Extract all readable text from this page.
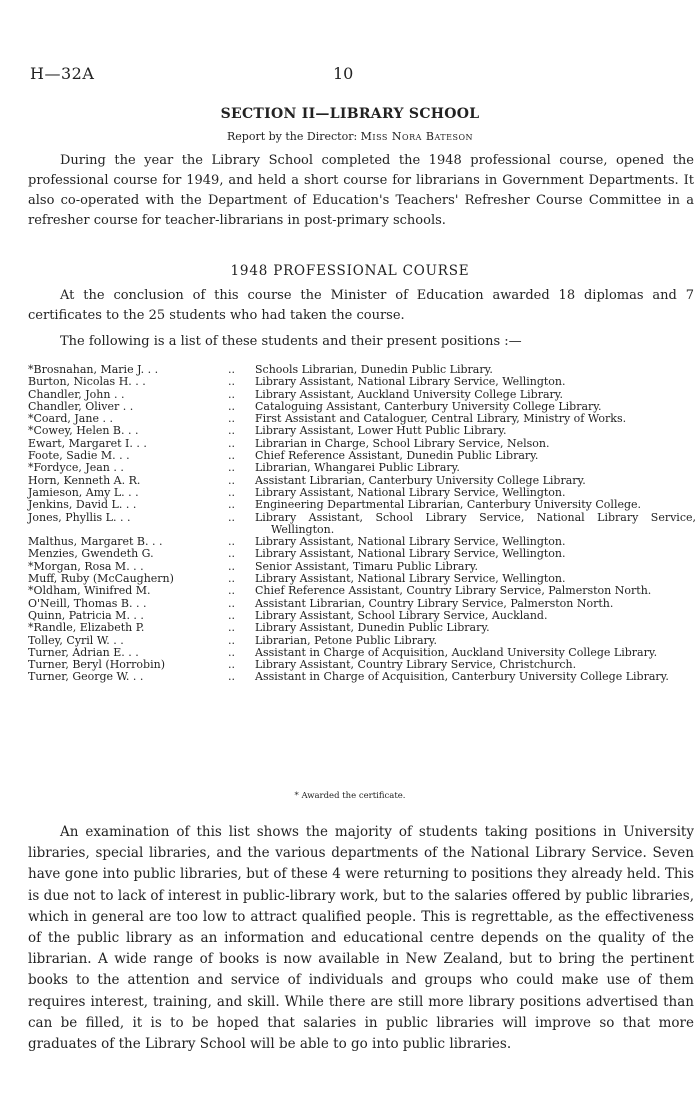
H—32A	10
SECTION II—LIBRARY SCHOOL
Report by the Director: Miss Nora Bateson

During the year the Library School completed the 1948 professional course, opened the professional course for 1949, and held a short course for librarians in Government Departments. It also co-operated with the Department of Education's Teachers' Refresher Course Committee in a refresher course for teacher-librarians in post-primary schools.

1948 PROFESSIONAL COURSE

At the conclusion of this course the Minister of Education awarded 18 diplomas and 7 certificates to the 25 students who had taken the course.

The following is a list of these students and their present positions :—

*Brosnahan, Marie J. . .	..	Schools Librarian, Dunedin Public Library.
Burton, Nicolas H. . .	..	Library Assistant, National Library Service, Wellington.
Chandler, John . .	..	Library Assistant, Auckland University College Library.
Chandler, Oliver . .	..	Cataloguing Assistant, Canterbury University College Library.
*Coard, Jane . .	..	First Assistant and Cataloguer, Central Library, Ministry of Works.
*Cowey, Helen B. . .	..	Library Assistant, Lower Hutt Public Library.
Ewart, Margaret I. . .	..	Librarian in Charge, School Library Service, Nelson.
Foote, Sadie M. . .	..	Chief Reference Assistant, Dunedin Public Library.
*Fordyce, Jean . .	..	Librarian, Whangarei Public Library.
Horn, Kenneth A. R.	..	Assistant Librarian, Canterbury University College Library.
Jamieson, Amy L. . .	..	Library Assistant, National Library Service, Wellington.
Jenkins, David L. . .	..	Engineering Departmental Librarian, Canterbury University College.
Jones, Phyllis L. . .	..	Library Assistant, School Library Service, National Library Service, Wellington.
Malthus, Margaret B. . .	..	Library Assistant, National Library Service, Wellington.
Menzies, Gwendeth G.	..	Library Assistant, National Library Service, Wellington.
*Morgan, Rosa M. . .	..	Senior Assistant, Timaru Public Library.
Muff, Ruby (McCaughern)	..	Library Assistant, National Library Service, Wellington.
*Oldham, Winifred M.	..	Chief Reference Assistant, Country Library Service, Palmerston North.
O'Neill, Thomas B. . .	..	Assistant Librarian, Country Library Service, Palmerston North.
Quinn, Patricia M. . .	..	Library Assistant, School Library Service, Auckland.
*Randle, Elizabeth P.	..	Library Assistant, Dunedin Public Library.
Tolley, Cyril W. . .	..	Librarian, Petone Public Library.
Turner, Adrian E. . .	..	Assistant in Charge of Acquisition, Auckland University College Library.
Turner, Beryl (Horrobin)	..	Library Assistant, Country Library Service, Christchurch.
Turner, George W. . .	..	Assistant in Charge of Acquisition, Canterbury University College Library.
* Awarded the certificate.

An examination of this list shows the majority of students taking positions in University libraries, special libraries, and the various departments of the National Library Service. Seven have gone into public libraries, but of these 4 were returning to positions they already held. This is due not to lack of interest in public-library work, but to the salaries offered by public libraries, which in general are too low to attract qualified people. This is regrettable, as the effectiveness of the public library as an information and educational centre depends on the quality of the librarian. A wide range of books is now available in New Zealand, but to bring the pertinent books to the attention and service of individuals and groups who could make use of them requires interest, training, and skill. While there are still more library positions advertised than can be filled, it is to be hoped that salaries in public libraries will improve so that more graduates of the Library School will be able to go into public libraries.
